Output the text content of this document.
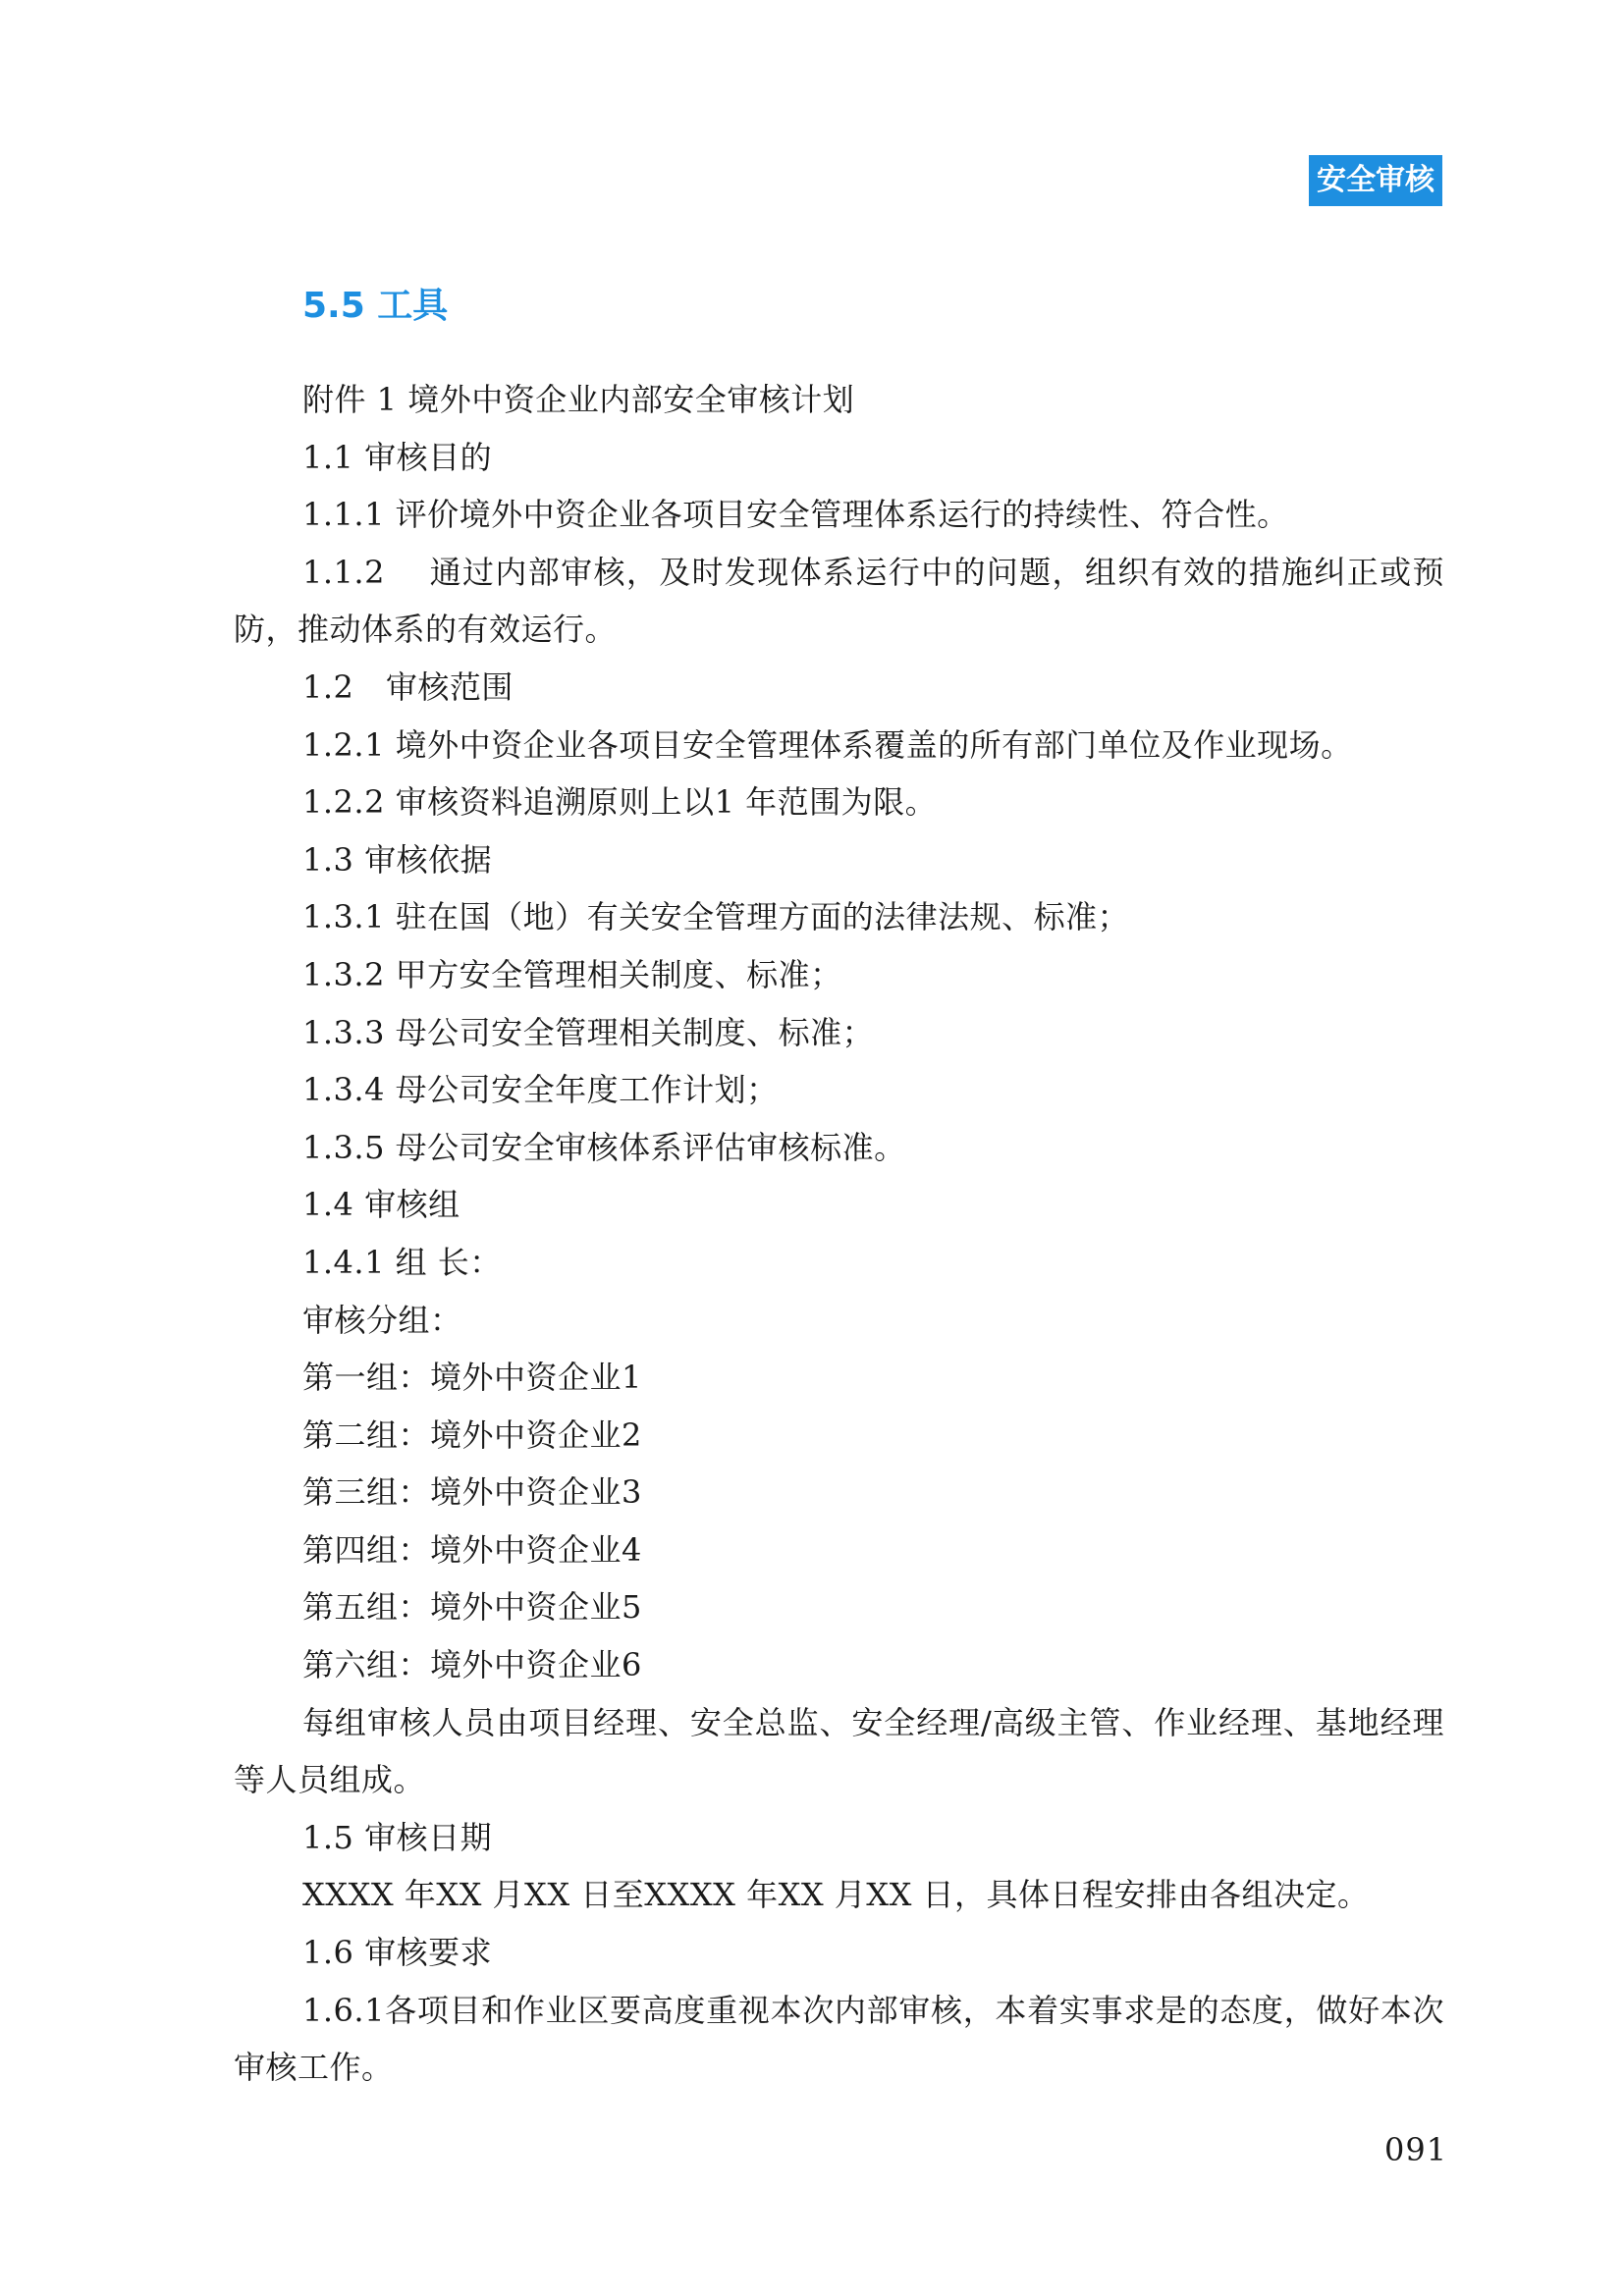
安全审核
5.5 工具

附件 1 境外中资企业内部安全审核计划

1.1 审核目的

1.1.1 评价境外中资企业各项目安全管理体系运行的持续性、符合性。

1.1.2　 通过内部审核，及时发现体系运行中的问题，组织有效的措施纠正或预防，推动体系的有效运行。

1.2　审核范围

1.2.1 境外中资企业各项目安全管理体系覆盖的所有部门单位及作业现场。

1.2.2 审核资料追溯原则上以1 年范围为限。

1.3 审核依据

1.3.1 驻在国（地）有关安全管理方面的法律法规、标准；

1.3.2 甲方安全管理相关制度、标准；

1.3.3 母公司安全管理相关制度、标准；

1.3.4 母公司安全年度工作计划；

1.3.5 母公司安全审核体系评估审核标准。

1.4 审核组

1.4.1 组 长：

审核分组：

第一组：境外中资企业1

第二组：境外中资企业2

第三组：境外中资企业3

第四组：境外中资企业4

第五组：境外中资企业5

第六组：境外中资企业6

每组审核人员由项目经理、安全总监、安全经理/高级主管、作业经理、基地经理等人员组成。

1.5 审核日期

XXXX 年XX 月XX 日至XXXX 年XX 月XX 日，具体日程安排由各组决定。

1.6 审核要求

1.6.1各项目和作业区要高度重视本次内部审核，本着实事求是的态度，做好本次审核工作。

091
